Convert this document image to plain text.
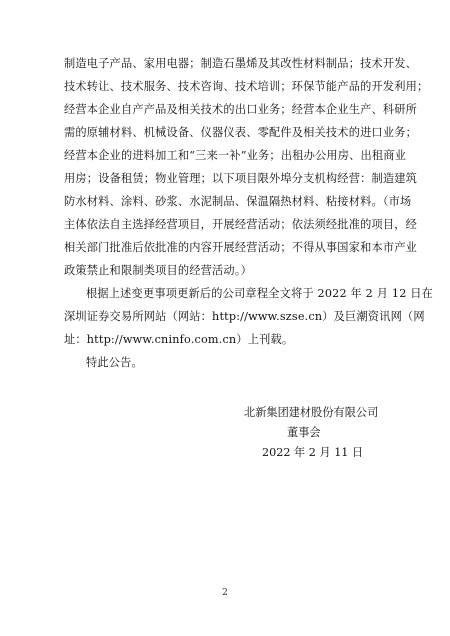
制造电子产品、家用电器；制造石墨烯及其改性材料制品；技术开发、
技术转让、技术服务、技术咨询、技术培训；环保节能产品的开发利用；
经营本企业自产产品及相关技术的出口业务；经营本企业生产、科研所
需的原辅材料、机械设备、仪器仪表、零配件及相关技术的进口业务；
经营本企业的进料加工和“三来一补”业务；出租办公用房、出租商业
用房；设备租赁；物业管理；以下项目限外埠分支机构经营：制造建筑
防水材料、涂料、砂浆、水泥制品、保温隔热材料、粘接材料。（市场
主体依法自主选择经营项目，开展经营活动；依法须经批准的项目，经
相关部门批准后依批准的内容开展经营活动；不得从事国家和本市产业
政策禁止和限制类项目的经营活动。）
根据上述变更事项更新后的公司章程全文将于 2022 年 2 月 12 日在
深圳证券交易所网站（网站：http://www.szse.cn）及巨潮资讯网（网
址：http://www.cninfo.com.cn）上刊载。
特此公告。
北新集团建材股份有限公司
董事会
2022 年 2 月 11 日
2
